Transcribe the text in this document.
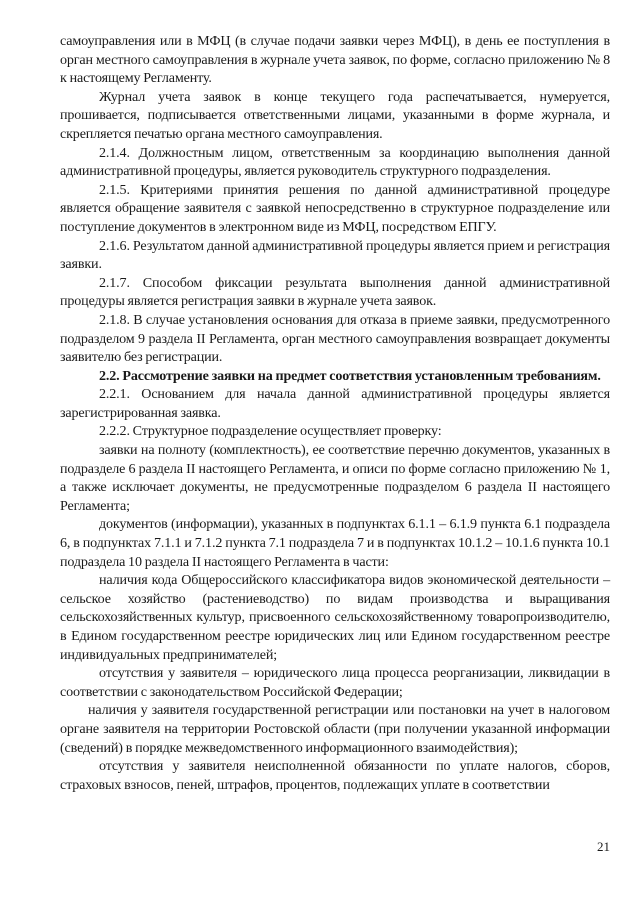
самоуправления или в МФЦ (в случае подачи заявки через МФЦ), в день ее поступления в орган местного самоуправления в журнале учета заявок, по форме, согласно приложению № 8 к настоящему Регламенту.

Журнал учета заявок в конце текущего года распечатывается, нумеруется, прошивается, подписывается ответственными лицами, указанными в форме журнала, и скрепляется печатью органа местного самоуправления.

2.1.4. Должностным лицом, ответственным за координацию выполнения данной административной процедуры, является руководитель структурного подразделения.

2.1.5. Критериями принятия решения по данной административной процедуре является обращение заявителя с заявкой непосредственно в структурное подразделение или поступление документов в электронном виде из МФЦ, посредством ЕПГУ.

2.1.6. Результатом данной административной процедуры является прием и регистрация заявки.

2.1.7. Способом фиксации результата выполнения данной административной процедуры является регистрация заявки в журнале учета заявок.

2.1.8. В случае установления основания для отказа в приеме заявки, предусмотренного подразделом 9 раздела II Регламента, орган местного самоуправления возвращает документы заявителю без регистрации.

2.2. Рассмотрение заявки на предмет соответствия установленным требованиям.

2.2.1. Основанием для начала данной административной процедуры является зарегистрированная заявка.

2.2.2. Структурное подразделение осуществляет проверку:

заявки на полноту (комплектность), ее соответствие перечню документов, указанных в подразделе 6 раздела II настоящего Регламента, и описи по форме согласно приложению № 1, а также исключает документы, не предусмотренные подразделом 6 раздела II настоящего Регламента;

документов (информации), указанных в подпунктах 6.1.1 – 6.1.9 пункта 6.1 подраздела 6, в подпунктах 7.1.1 и 7.1.2 пункта 7.1 подраздела 7 и в подпунктах 10.1.2 – 10.1.6 пункта 10.1 подраздела 10 раздела II настоящего Регламента в части:

наличия кода Общероссийского классификатора видов экономической деятельности – сельское хозяйство (растениеводство) по видам производства и выращивания сельскохозяйственных культур, присвоенного сельскохозяйственному товаропроизводителю, в Едином государственном реестре юридических лиц или Едином государственном реестре индивидуальных предпринимателей;

отсутствия у заявителя – юридического лица процесса реорганизации, ликвидации в соответствии с законодательством Российской Федерации;

наличия у заявителя государственной регистрации или постановки на учет в налоговом органе заявителя на территории Ростовской области (при получении указанной информации (сведений) в порядке межведомственного информационного взаимодействия);

отсутствия у заявителя неисполненной обязанности по уплате налогов, сборов, страховых взносов, пеней, штрафов, процентов, подлежащих уплате в соответствии

21
